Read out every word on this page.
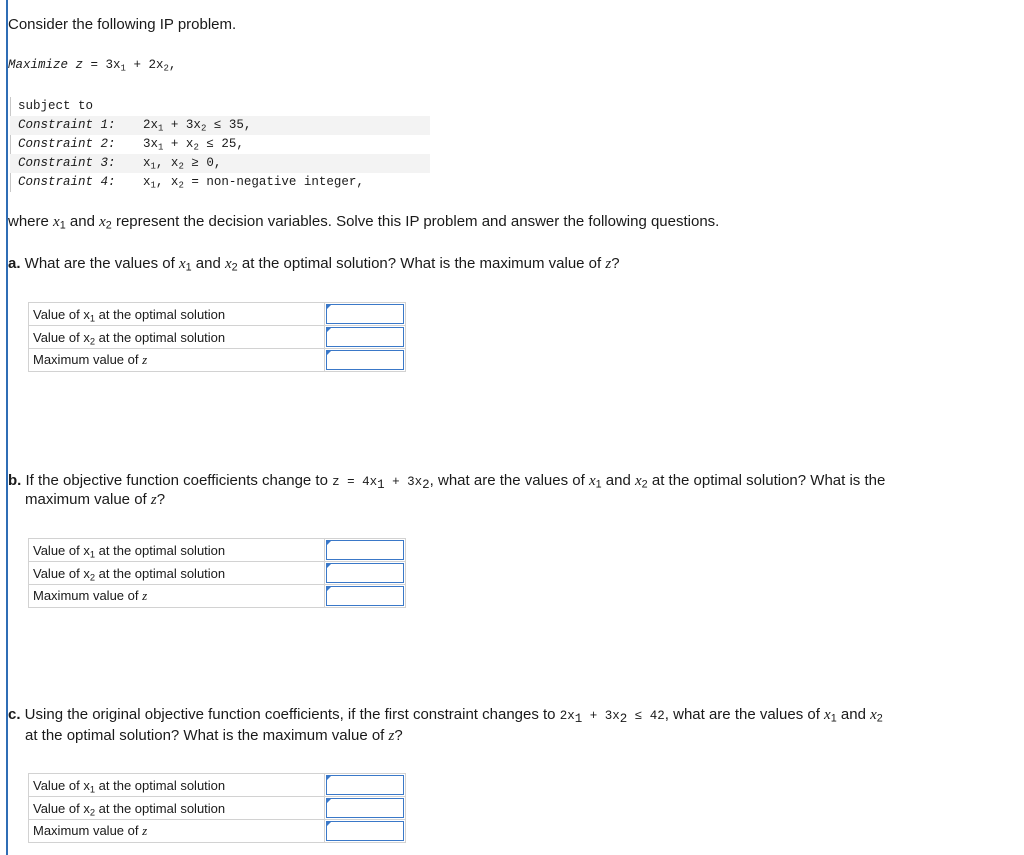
Consider the following IP problem.
Maximize $z = 3x_1 + 2x_2$,
subject to
Constraint 1: $2x_1 + 3x_2 \le 35$,
Constraint 2: $3x_1 + x_2 \le 25$,
Constraint 3: $x_1$, $x_2 \ge 0$,
Constraint 4: $x_1$, $x_2$ = non-negative integer,
where $x_1$ and $x_2$ represent the decision variables. Solve this IP problem and answer the following questions.
a. What are the values of $x_1$ and $x_2$ at the optimal solution? What is the maximum value of z?
Value of $x_1$ at the optimal solution	

Value of $x_2$ at the optimal solution	

Maximum value of z	
b. If the objective function coefficients change to $z = 4x_1 + 3x_2$, what are the values of $x_1$ and $x_2$ at the optimal solution? What is the
maximum value of z?
Value of $x_1$ at the optimal solution	

Value of $x_2$ at the optimal solution	

Maximum value of z	
c. Using the original objective function coefficients, if the first constraint changes to $2x_1 + 3x_2 \le 42$, what are the values of $x_1$ and $x_2$
at the optimal solution? What is the maximum value of z?
Value of $x_1$ at the optimal solution	

Value of $x_2$ at the optimal solution	

Maximum value of z	
